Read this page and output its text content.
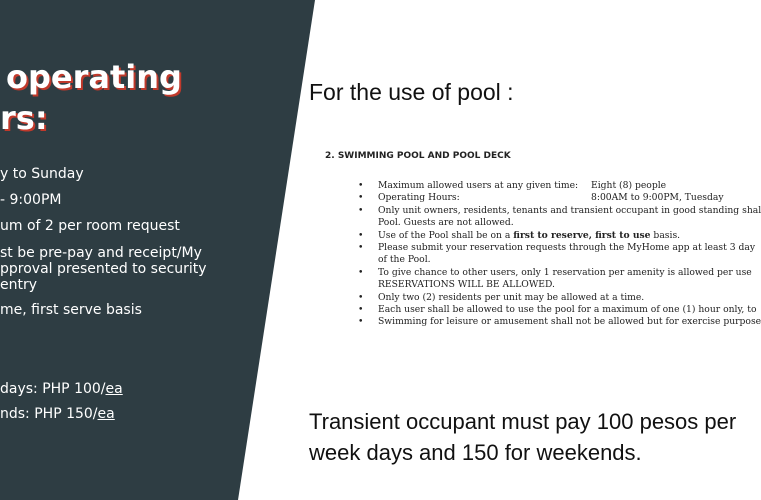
operating
rs:
y to Sunday
- 9:00PM
um of 2 per room request
st be pre-pay and receipt/My
pproval presented to security
entry
me, first serve basis
days: PHP 100/ea
nds: PHP 150/ea
For the use of pool :
2. SWIMMING POOL AND POOL DECK
• Maximum allowed users at any given time: Eight (8) people
• Operating Hours:	8:00AM to 9:00PM, Tuesday
• Only unit owners, residents, tenants and transient occupant in good standing shal
Pool. Guests are not allowed.
• Use of the Pool shall be on a first to reserve, first to use basis.
• Please submit your reservation requests through the MyHome app at least 3 day
of the Pool.
• To give chance to other users, only 1 reservation per amenity is allowed per use
RESERVATIONS WILL BE ALLOWED.
• Only two (2) residents per unit may be allowed at a time.
• Each user shall be allowed to use the pool for a maximum of one (1) hour only, to
• Swimming for leisure or amusement shall not be allowed but for exercise purpose
Transient occupant must pay 100 pesos per
week days and 150 for weekends.
